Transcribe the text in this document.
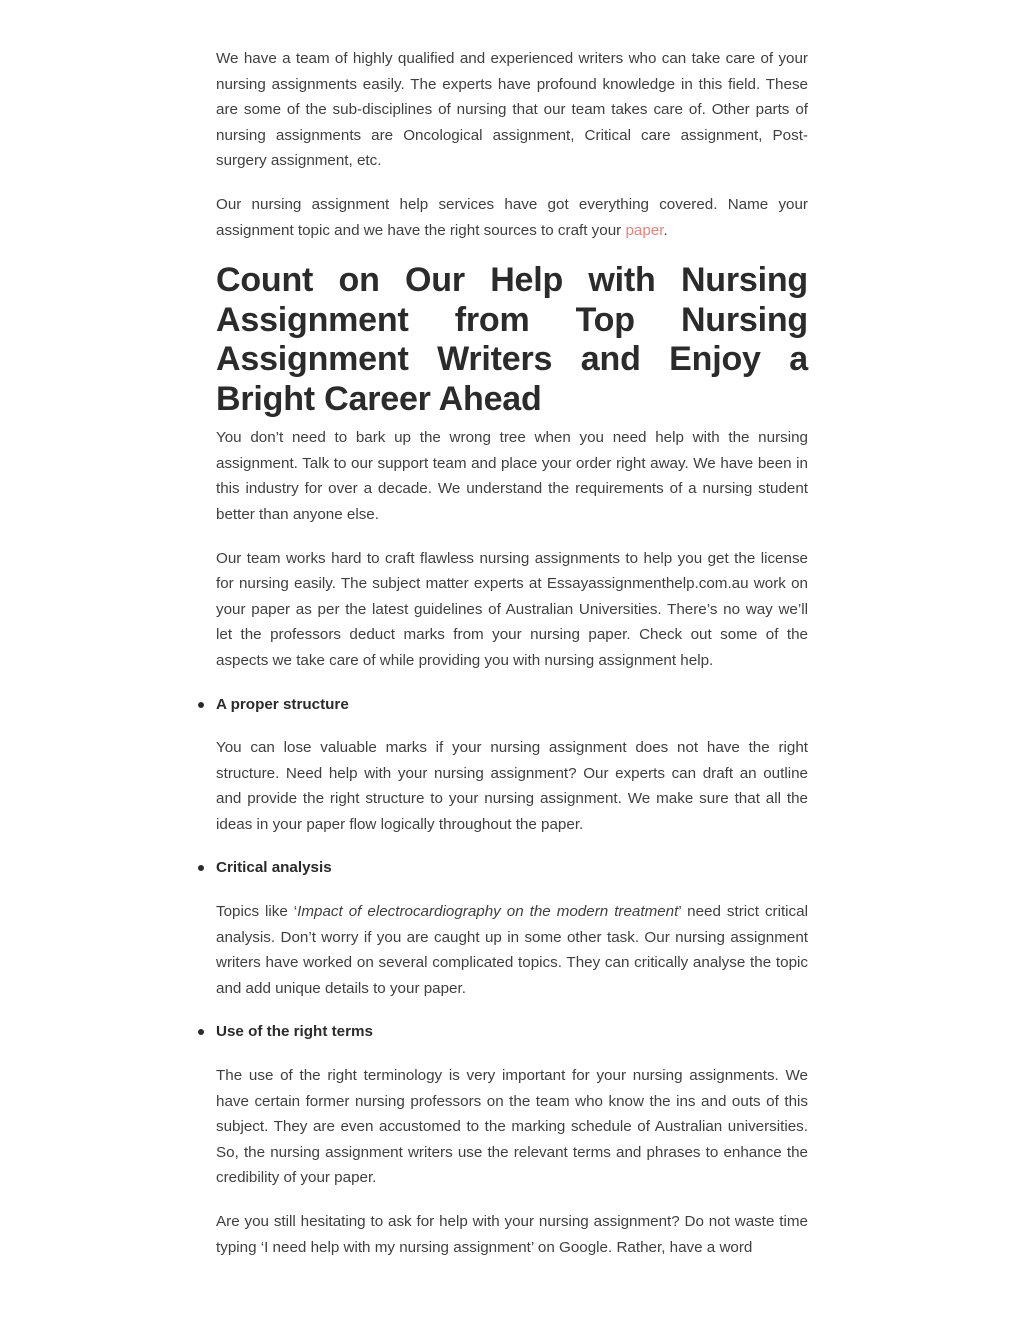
We have a team of highly qualified and experienced writers who can take care of your nursing assignments easily. The experts have profound knowledge in this field. These are some of the sub-disciplines of nursing that our team takes care of. Other parts of nursing assignments are Oncological assignment, Critical care assignment, Post-surgery assignment, etc.

Our nursing assignment help services have got everything covered. Name your assignment topic and we have the right sources to craft your paper.

Count on Our Help with Nursing Assignment from Top Nursing Assignment Writers and Enjoy a Bright Career Ahead

You don’t need to bark up the wrong tree when you need help with the nursing assignment. Talk to our support team and place your order right away. We have been in this industry for over a decade. We understand the requirements of a nursing student better than anyone else.

Our team works hard to craft flawless nursing assignments to help you get the license for nursing easily. The subject matter experts at Essayassignmenthelp.com.au work on your paper as per the latest guidelines of Australian Universities. There’s no way we’ll let the professors deduct marks from your nursing paper. Check out some of the aspects we take care of while providing you with nursing assignment help.

A proper structure

You can lose valuable marks if your nursing assignment does not have the right structure. Need help with your nursing assignment? Our experts can draft an outline and provide the right structure to your nursing assignment. We make sure that all the ideas in your paper flow logically throughout the paper.

Critical analysis

Topics like ‘Impact of electrocardiography on the modern treatment’ need strict critical analysis. Don’t worry if you are caught up in some other task. Our nursing assignment writers have worked on several complicated topics. They can critically analyse the topic and add unique details to your paper.

Use of the right terms

The use of the right terminology is very important for your nursing assignments. We have certain former nursing professors on the team who know the ins and outs of this subject. They are even accustomed to the marking schedule of Australian universities. So, the nursing assignment writers use the relevant terms and phrases to enhance the credibility of your paper.

Are you still hesitating to ask for help with your nursing assignment? Do not waste time typing ‘I need help with my nursing assignment’ on Google. Rather, have a word
